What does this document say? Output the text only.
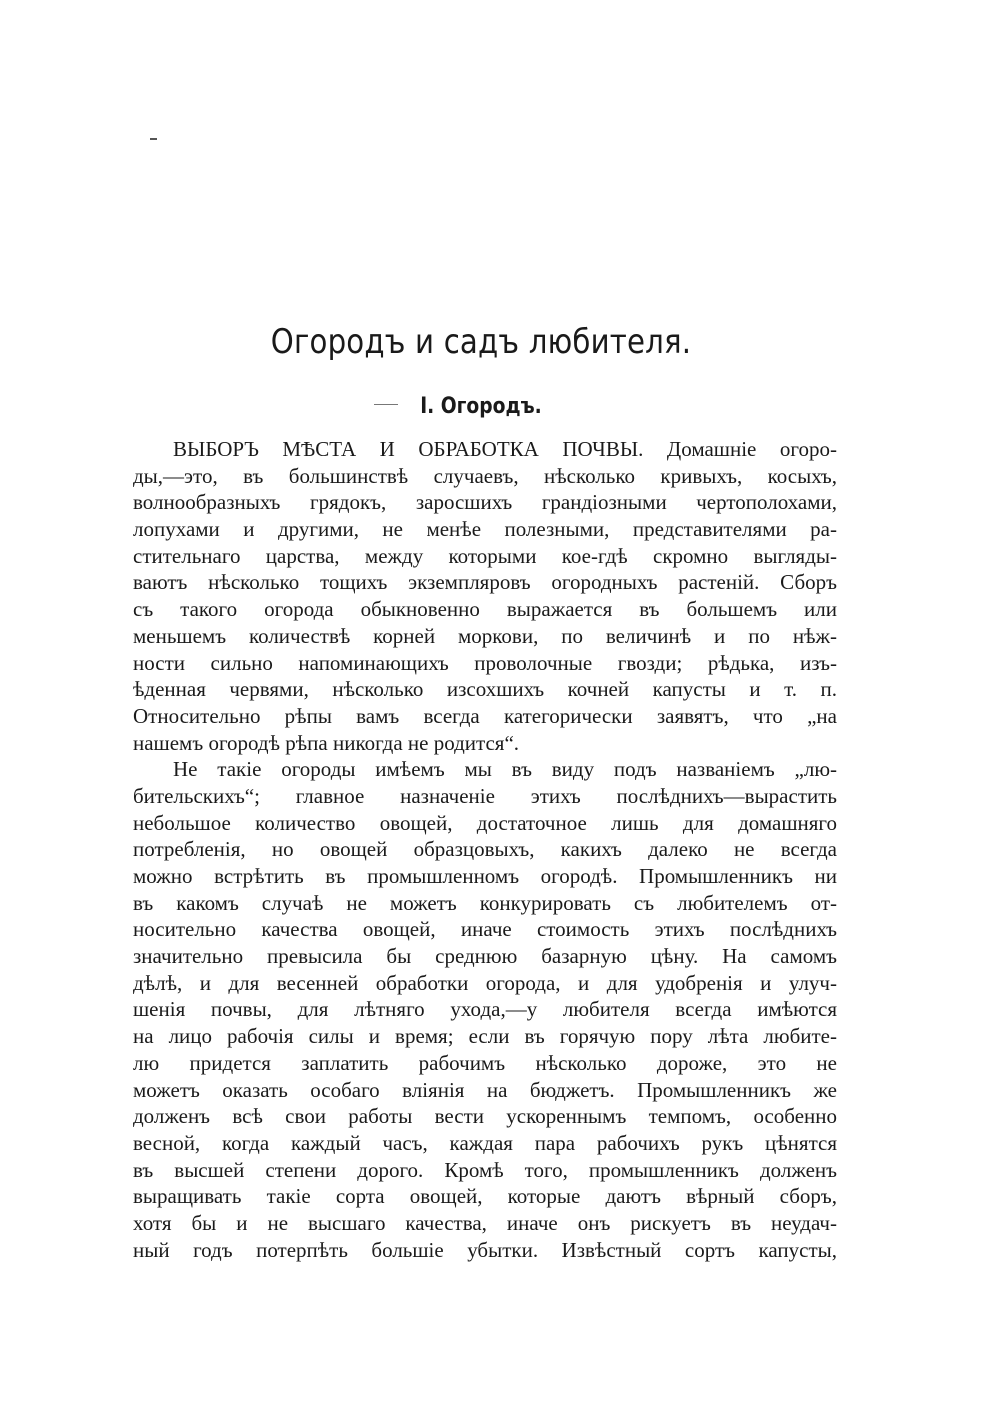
Огородъ и садъ любителя.
I. Огородъ.
ВЫБОРЪ МѢСТА И ОБРАБОТКА ПОЧВЫ. Домашніе огоро-
ды,—это, въ большинствѣ случаевъ, нѣсколько кривыхъ, косыхъ,
волнообразныхъ грядокъ, заросшихъ грандіозными чертополохами,
лопухами и другими, не менѣе полезными, представителями ра-
стительнаго царства, между которыми кое-гдѣ скромно выгляды-
ваютъ нѣсколько тощихъ экземпляровъ огородныхъ растеній. Сборъ
съ такого огорода обыкновенно выражается въ большемъ или
меньшемъ количествѣ корней моркови, по величинѣ и по нѣж-
ности сильно напоминающихъ проволочные гвозди; рѣдька, изъ-
ѣденная червями, нѣсколько изсохшихъ кочней капусты и т. п.
Относительно рѣпы вамъ всегда категорически заявятъ, что „на
нашемъ огородѣ рѣпа никогда не родится“.
Не такіе огороды имѣемъ мы въ виду подъ названіемъ „лю-
бительскихъ“; главное назначеніе этихъ послѣднихъ—вырастить
небольшое количество овощей, достаточное лишь для домашняго
потребленія, но овощей образцовыхъ, какихъ далеко не всегда
можно встрѣтить въ промышленномъ огородѣ. Промышленникъ ни
въ какомъ случаѣ не можетъ конкурировать съ любителемъ от-
носительно качества овощей, иначе стоимость этихъ послѣднихъ
значительно превысила бы среднюю базарную цѣну. На самомъ
дѣлѣ, и для весенней обработки огорода, и для удобренія и улуч-
шенія почвы, для лѣтняго ухода,—у любителя всегда имѣются
на лицо рабочія силы и время; если въ горячую пору лѣта любите-
лю придется заплатить рабочимъ нѣсколько дороже, это не
можетъ оказать особаго вліянія на бюджетъ. Промышленникъ же
долженъ всѣ свои работы вести ускореннымъ темпомъ, особенно
весной, когда каждый часъ, каждая пара рабочихъ рукъ цѣнятся
въ высшей степени дорого. Кромѣ того, промышленникъ долженъ
выращивать такіе сорта овощей, которые даютъ вѣрный сборъ,
хотя бы и не высшаго качества, иначе онъ рискуетъ въ неудач-
ный годъ потерпѣть большіе убытки. Извѣстный сортъ капусты,
